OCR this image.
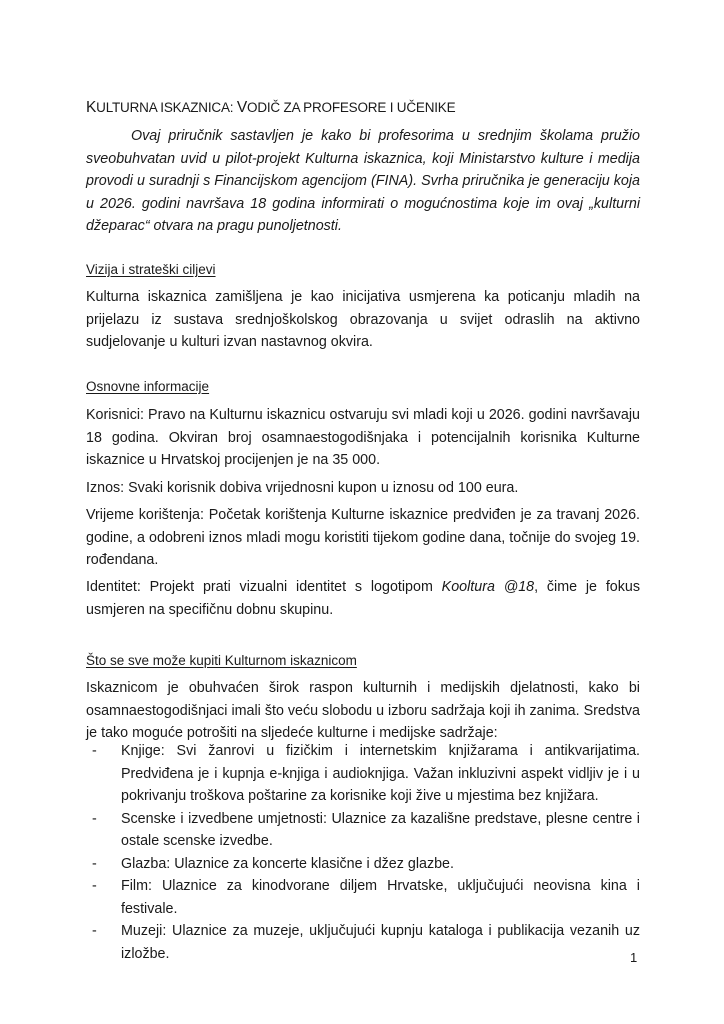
KULTURNA ISKAZNICA: VODIČ ZA PROFESORE I UČENIKE
Ovaj priručnik sastavljen je kako bi profesorima u srednjim školama pružio sveobuhvatan uvid u pilot-projekt Kulturna iskaznica, koji Ministarstvo kulture i medija provodi u suradnji s Financijskom agencijom (FINA). Svrha priručnika je generaciju koja u 2026. godini navršava 18 godina informirati o mogućnostima koje im ovaj „kulturni džeparac“ otvara na pragu punoljetnosti.
Vizija i strateški ciljevi
Kulturna iskaznica zamišljena je kao inicijativa usmjerena ka poticanju mladih na prijelazu iz sustava srednjoškolskog obrazovanja u svijet odraslih na aktivno sudjelovanje u kulturi izvan nastavnog okvira.
Osnovne informacije
Korisnici: Pravo na Kulturnu iskaznicu ostvaruju svi mladi koji u 2026. godini navršavaju 18 godina. Okviran broj osamnaestogodišnjaka i potencijalnih korisnika Kulturne iskaznice u Hrvatskoj procijenjen je na 35 000.
Iznos: Svaki korisnik dobiva vrijednosni kupon u iznosu od 100 eura.
Vrijeme korištenja: Početak korištenja Kulturne iskaznice predviđen je za travanj 2026. godine, a odobreni iznos mladi mogu koristiti tijekom godine dana, točnije do svojeg 19. rođendana.
Identitet: Projekt prati vizualni identitet s logotipom Kooltura @18, čime je fokus usmjeren na specifičnu dobnu skupinu.
Što se sve može kupiti Kulturnom iskaznicom
Iskaznicom je obuhvaćen širok raspon kulturnih i medijskih djelatnosti, kako bi osamnaestogodišnjaci imali što veću slobodu u izboru sadržaja koji ih zanima. Sredstva je tako moguće potrošiti na sljedeće kulturne i medijske sadržaje:
- Knjige: Svi žanrovi u fizičkim i internetskim knjižarama i antikvarijatima. Predviđena je i kupnja e-knjiga i audioknjiga. Važan inkluzivni aspekt vidljiv je i u pokrivanju troškova poštarine za korisnike koji žive u mjestima bez knjižara.
- Scenske i izvedbene umjetnosti: Ulaznice za kazališne predstave, plesne centre i ostale scenske izvedbe.
- Glazba: Ulaznice za koncerte klasične i džez glazbe.
- Film: Ulaznice za kinodvorane diljem Hrvatske, uključujući neovisna kina i festivale.
- Muzeji: Ulaznice za muzeje, uključujući kupnju kataloga i publikacija vezanih uz izložbe.	1
